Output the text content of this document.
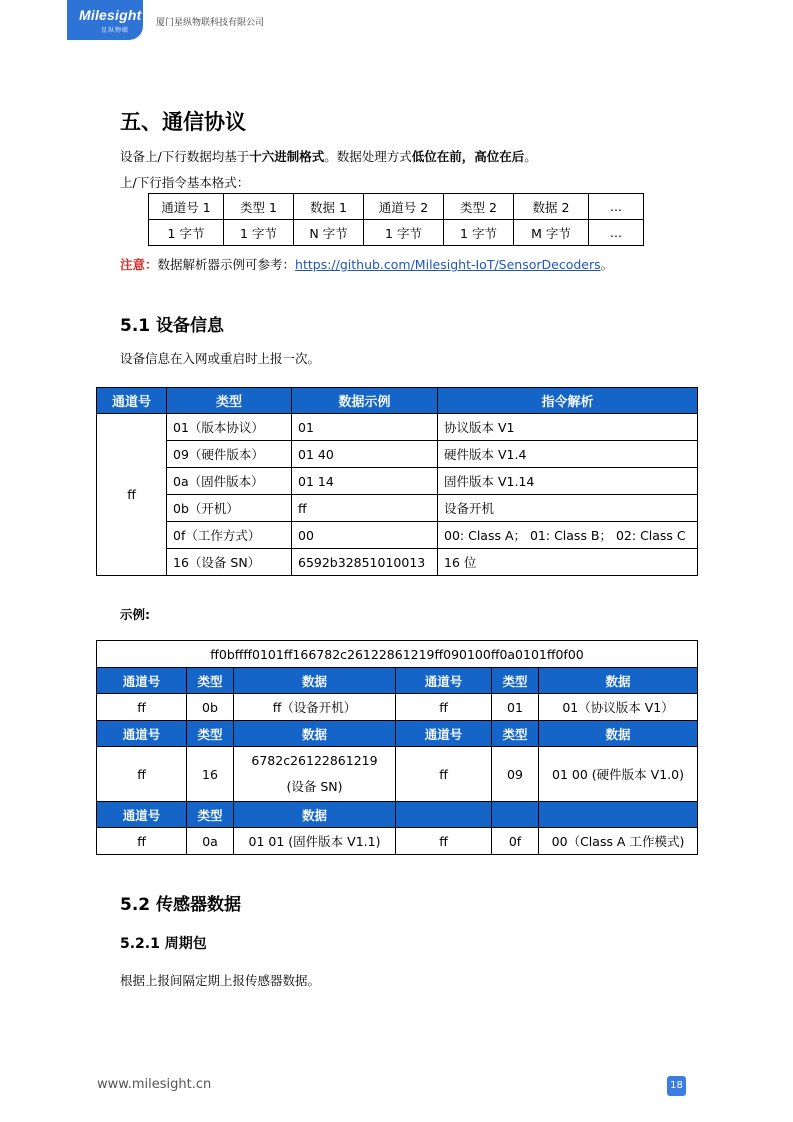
Milesight
星纵物联
厦门星纵物联科技有限公司
五、通信协议
设备上/下行数据均基于十六进制格式。数据处理方式低位在前，高位在后。
上/下行指令基本格式：
通道号 1	类型 1	数据 1	通道号 2	类型 2	数据 2	...
1 字节	1 字节	N 字节	1 字节	1 字节	M 字节	...
注意：数据解析器示例可参考：https://github.com/Milesight-IoT/SensorDecoders。
5.1 设备信息
设备信息在入网或重启时上报一次。
通道号	类型	数据示例	指令解析
ff	01（版本协议）	01	协议版本 V1
	09（硬件版本）	01 40	硬件版本 V1.4
	0a（固件版本）	01 14	固件版本 V1.14
	0b（开机）	ff	设备开机
	0f（工作方式）	00	00: Class A； 01: Class B； 02: Class C
	16（设备 SN）	6592b32851010013	16 位
示例:
ff0bffff0101ff166782c26122861219ff090100ff0a0101ff0f00					
通道号	类型	数据	通道号	类型	数据
ff	0b	ff（设备开机）	ff	01	01（协议版本 V1）
通道号	类型	数据	通道号	类型	数据
ff	16	6782c26122861219
(设备 SN)	ff	09	01 00 (硬件版本 V1.0)
通道号	类型	数据			
ff	0a	01 01 (固件版本 V1.1)	ff	0f	00（Class A 工作模式)
5.2 传感器数据
5.2.1 周期包
根据上报间隔定期上报传感器数据。
www.milesight.cn	18
